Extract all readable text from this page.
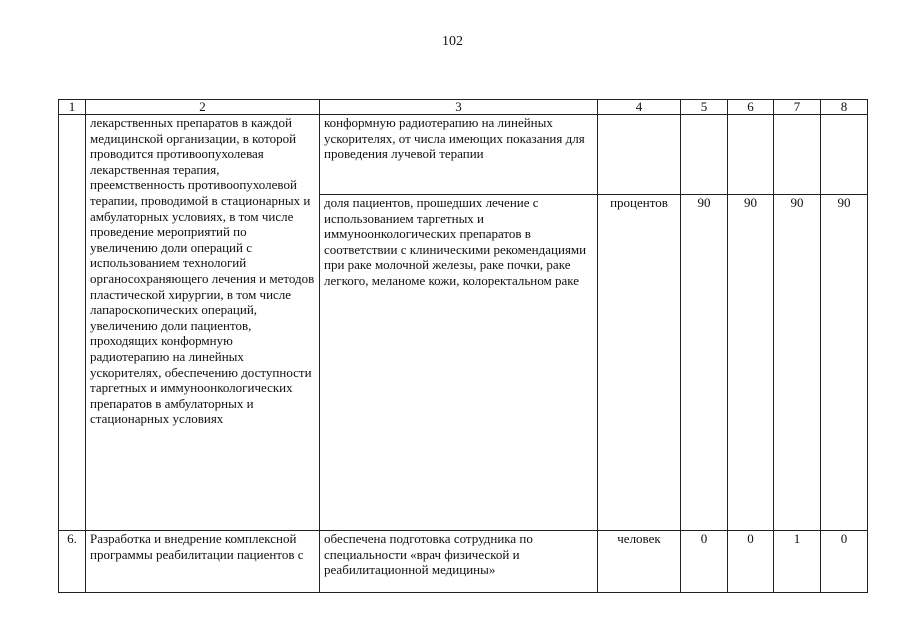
102
1	2	3	4	5	6	7	8
	лекарственных препаратов в каждой медицинской организации, в которой проводится противоопухолевая лекарственная терапия, преемственность противоопухолевой терапии, проводимой в стационарных и амбулаторных условиях, в том числе проведение мероприятий по увеличению доли операций с использованием технологий органосохраняющего лечения и методов пластической хирургии, в том числе лапароскопических операций, увеличению доли пациентов, проходящих конформную радиотерапию на линейных ускорителях, обеспечению доступности таргетных и иммуноонкологических препаратов в амбулаторных и стационарных условиях	конформную радиотерапию на линейных ускорителях, от числа имеющих показания для проведения лучевой терапии					
		доля пациентов, прошедших лечение с использованием таргетных и иммуноонкологических препаратов в соответствии с клиническими рекомендациями при раке молочной железы, раке почки, раке легкого, меланоме кожи, колоректальном раке	процентов	90	90	90	90
6.	Разработка и внедрение комплексной программы реабилитации пациентов с	обеспечена подготовка сотрудника по специальности «врач физической и реабилитационной медицины»	человек	0	0	1	0
